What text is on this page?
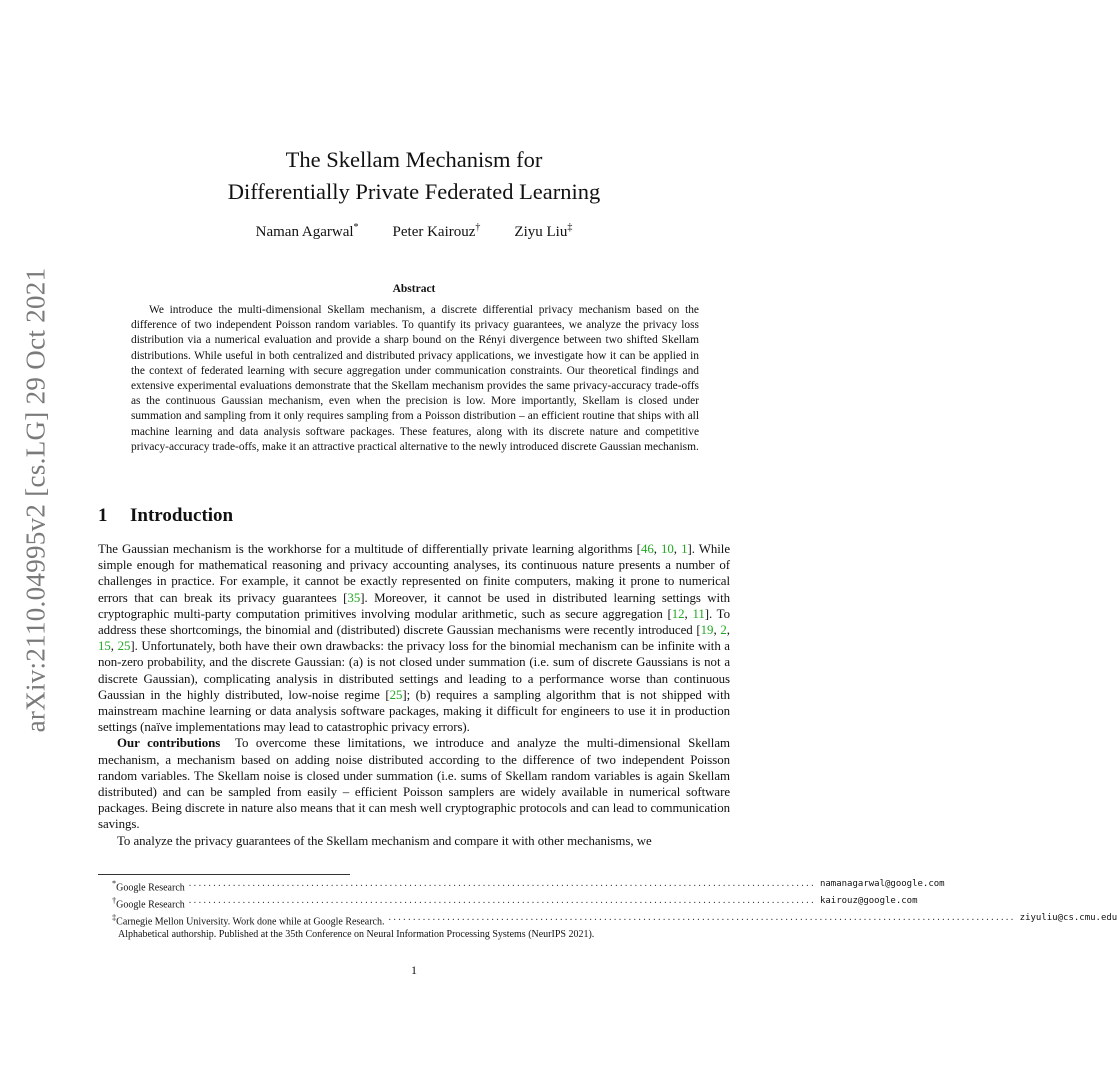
arXiv:2110.04995v2 [cs.LG] 29 Oct 2021
The Skellam Mechanism for
Differentially Private Federated Learning
Naman Agarwal* Peter Kairouz† Ziyu Liu‡
Abstract

We introduce the multi-dimensional Skellam mechanism, a discrete differential privacy mechanism based on the difference of two independent Poisson random variables. To quantify its privacy guarantees, we analyze the privacy loss distribution via a numerical evaluation and provide a sharp bound on the Rényi divergence between two shifted Skellam distributions. While useful in both centralized and distributed privacy applications, we investigate how it can be applied in the context of federated learning with secure aggregation under communication constraints. Our theoretical findings and extensive experimental evaluations demonstrate that the Skellam mechanism provides the same privacy-accuracy trade-offs as the continuous Gaussian mechanism, even when the precision is low. More importantly, Skellam is closed under summation and sampling from it only requires sampling from a Poisson distribution – an efficient routine that ships with all machine learning and data analysis software packages. These features, along with its discrete nature and competitive privacy-accuracy trade-offs, make it an attractive practical alternative to the newly introduced discrete Gaussian mechanism.

1 Introduction

The Gaussian mechanism is the workhorse for a multitude of differentially private learning algorithms [46, 10, 1]. While simple enough for mathematical reasoning and privacy accounting analyses, its continuous nature presents a number of challenges in practice. For example, it cannot be exactly represented on finite computers, making it prone to numerical errors that can break its privacy guarantees [35]. Moreover, it cannot be used in distributed learning settings with cryptographic multi-party computation primitives involving modular arithmetic, such as secure aggregation [12, 11]. To address these shortcomings, the binomial and (distributed) discrete Gaussian mechanisms were recently introduced [19, 2, 15, 25]. Unfortunately, both have their own drawbacks: the privacy loss for the binomial mechanism can be infinite with a non-zero probability, and the discrete Gaussian: (a) is not closed under summation (i.e. sum of discrete Gaussians is not a discrete Gaussian), complicating analysis in distributed settings and leading to a performance worse than continuous Gaussian in the highly distributed, low-noise regime [25]; (b) requires a sampling algorithm that is not shipped with mainstream machine learning or data analysis software packages, making it difficult for engineers to use it in production settings (naïve implementations may lead to catastrophic privacy errors).

Our contributions To overcome these limitations, we introduce and analyze the multi-dimensional Skellam mechanism, a mechanism based on adding noise distributed according to the difference of two independent Poisson random variables. The Skellam noise is closed under summation (i.e. sums of Skellam random variables is again Skellam distributed) and can be sampled from easily – efficient Poisson samplers are widely available in numerical software packages. Being discrete in nature also means that it can mesh well cryptographic protocols and can lead to communication savings.

To analyze the privacy guarantees of the Skellam mechanism and compare it with other mechanisms, we

*Google Research ................................................................................................................................ namanagarwal@google.com
†Google Research ................................................................................................................................ kairouz@google.com
‡Carnegie Mellon University. Work done while at Google Research. ................................................................................................................................ ziyuliu@cs.cmu.edu
Alphabetical authorship. Published at the 35th Conference on Neural Information Processing Systems (NeurIPS 2021).
1
